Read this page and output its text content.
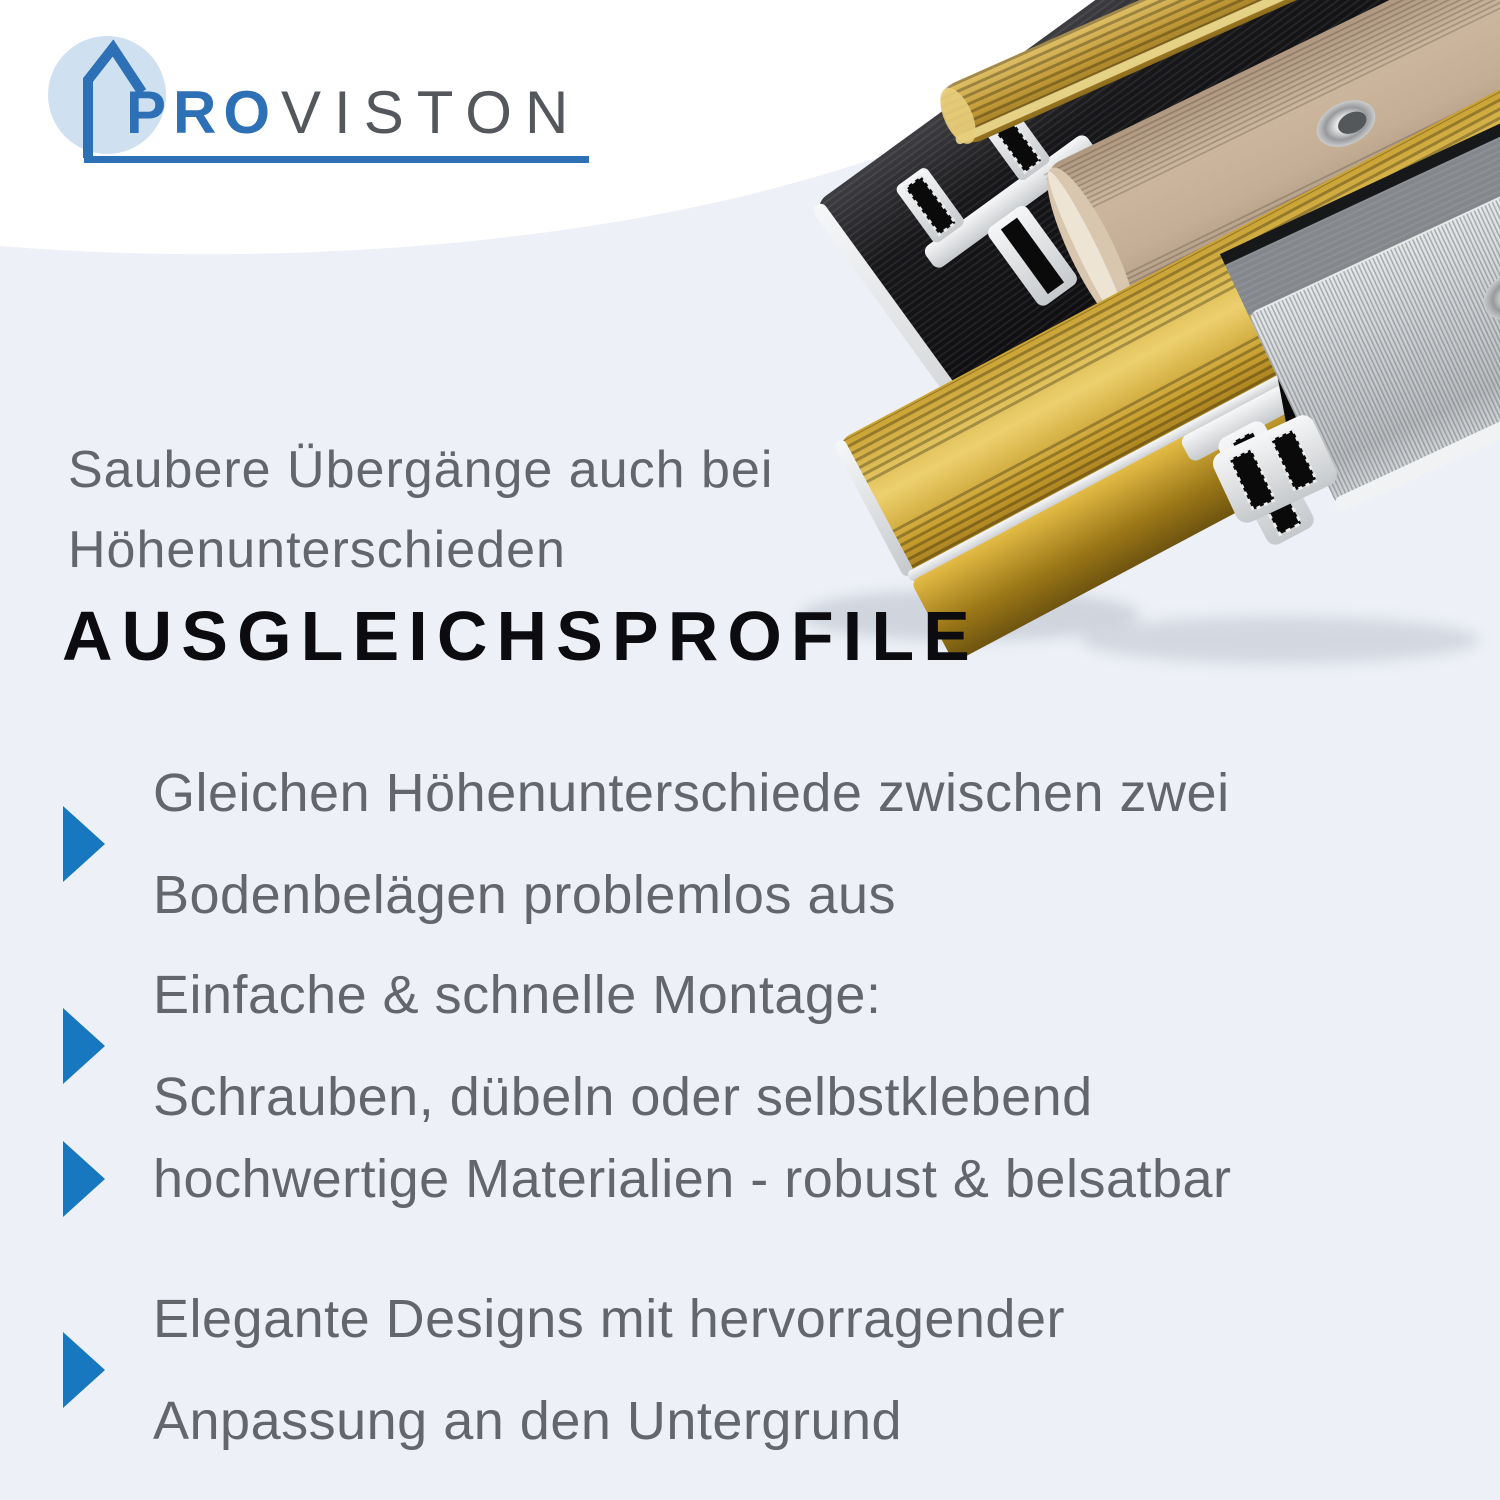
PROVISTON
Saubere Übergänge auch bei
Höhenunterschieden
AUSGLEICHSPROFILE
Gleichen Höhenunterschiede zwischen zwei
Bodenbelägen problemlos aus
Einfache & schnelle Montage:
Schrauben, dübeln oder selbstklebend
hochwertige Materialien - robust & belsatbar
Elegante Designs mit hervorragender
Anpassung an den Untergrund
